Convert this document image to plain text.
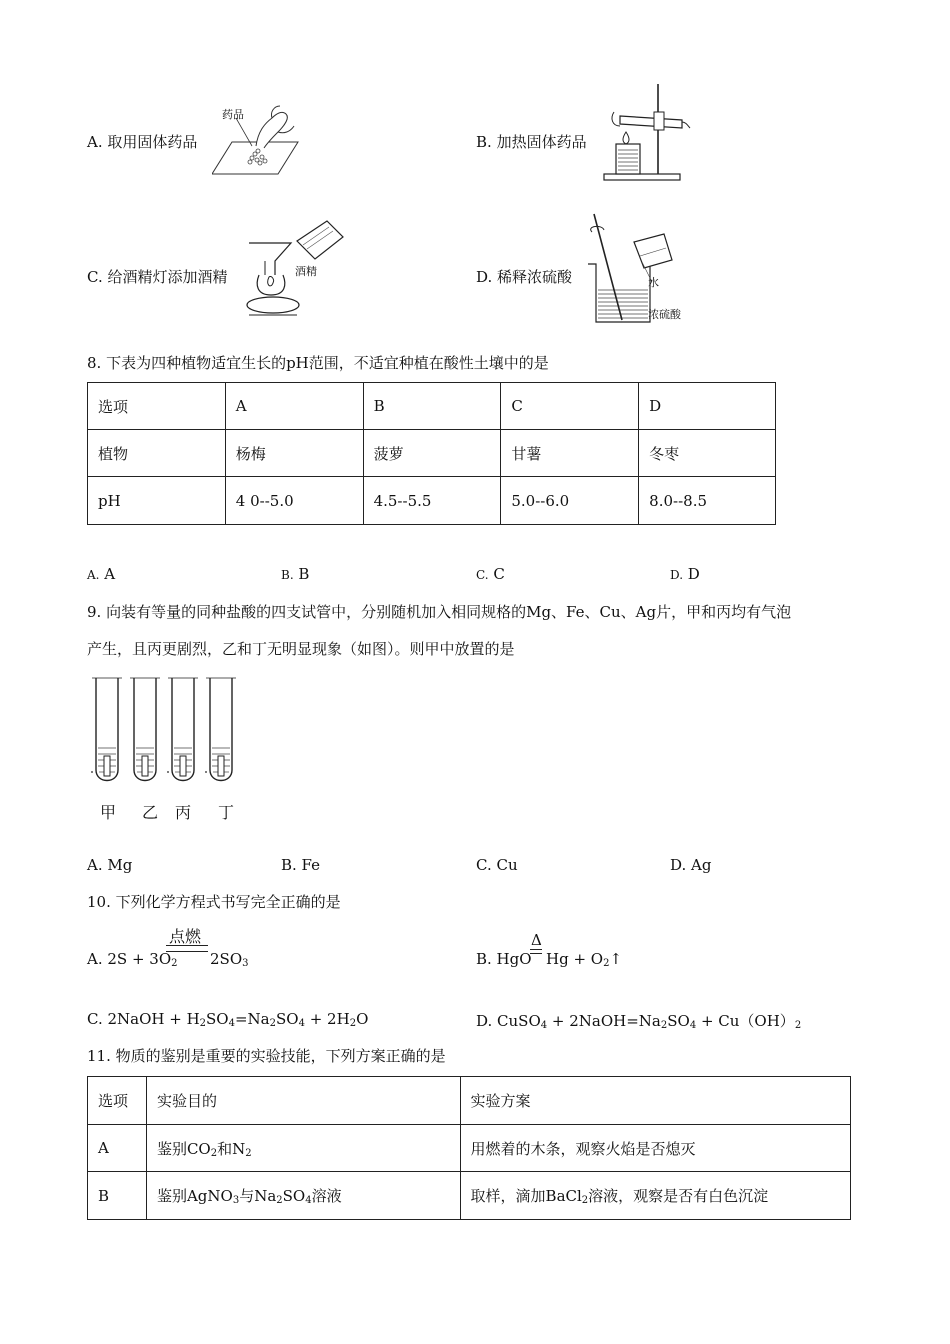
A. 取用固体药品
药品
B. 加热固体药品
C. 给酒精灯添加酒精	酒精	D. 稀释浓硫酸	水
浓硫酸
8. 下表为四种植物适宜生长的pH范围，不适宜种植在酸性土壤中的是
选项	A	B	C	D
植物	杨梅	菠萝	甘薯	冬枣
pH	4 0--5.0	4.5--5.5	5.0--6.0	8.0--8.5
A. A	B. B	C. C	D. D
9. 向装有等量的同种盐酸的四支试管中，分别随机加入相同规格的Mg、Fe、Cu、Ag片，甲和丙均有气泡
产生，且丙更剧烈，乙和丁无明显现象（如图）。则甲中放置的是
甲 乙 丙 丁
A. Mg	B. Fe	C. Cu	D. Ag
10. 下列化学方程式书写完全正确的是
A. $2S + 3O_2$
点燃
$2SO_3$	B. HgO
Δ
$Hg + O_2↑$
C. 2NaOH + $H_2SO_4=Na_2SO_4 + 2H_2O$	D. CuSO$_4$ + $2NaOH=Na_2SO_4 + Cu(OH)_2$
11. 物质的鉴别是重要的实验技能，下列方案正确的是
选项	实验目的	实验方案
A	鉴别$CO_2$和$N_2$	用燃着的木条，观察火焰是否熄灭
B	鉴别AgNO$_3$与$Na_2SO_4$溶液	取样，滴加BaCl$_2$溶液，观察是否有白色沉淀
